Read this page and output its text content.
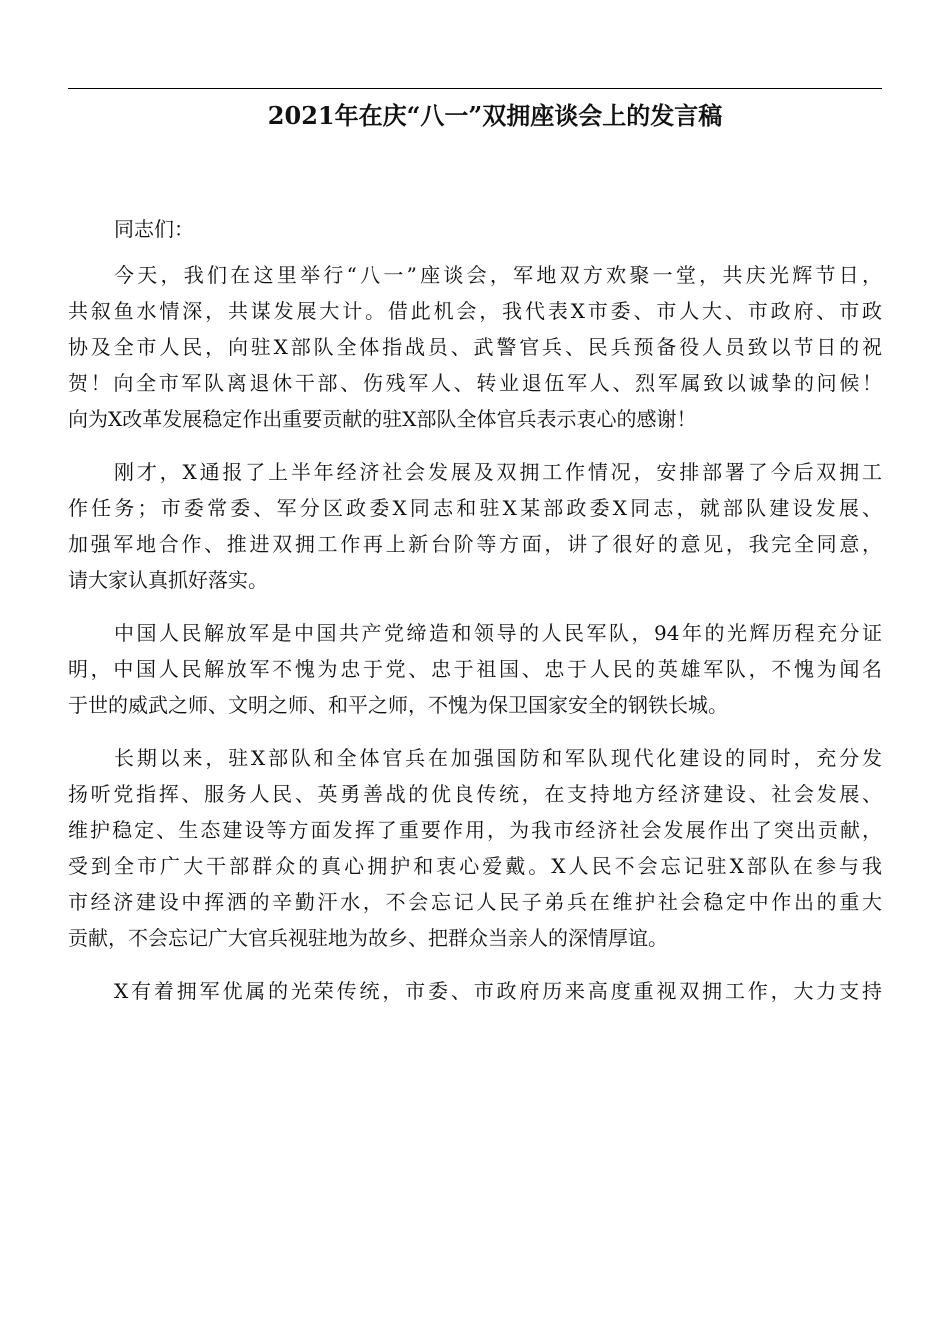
2021年在庆“八一”双拥座谈会上的发言稿
同志们：

今天，我们在这里举行“八一”座谈会，军地双方欢聚一堂，共庆光辉节日，
共叙鱼水情深，共谋发展大计。借此机会，我代表X市委、市人大、市政府、市政
协及全市人民，向驻X部队全体指战员、武警官兵、民兵预备役人员致以节日的祝
贺！向全市军队离退休干部、伤残军人、转业退伍军人、烈军属致以诚挚的问候！
向为X改革发展稳定作出重要贡献的驻X部队全体官兵表示衷心的感谢！

刚才，X通报了上半年经济社会发展及双拥工作情况，安排部署了今后双拥工
作任务；市委常委、军分区政委X同志和驻X某部政委X同志，就部队建设发展、
加强军地合作、推进双拥工作再上新台阶等方面，讲了很好的意见，我完全同意，
请大家认真抓好落实。

中国人民解放军是中国共产党缔造和领导的人民军队，94年的光辉历程充分证
明，中国人民解放军不愧为忠于党、忠于祖国、忠于人民的英雄军队，不愧为闻名
于世的威武之师、文明之师、和平之师，不愧为保卫国家安全的钢铁长城。

长期以来，驻X部队和全体官兵在加强国防和军队现代化建设的同时，充分发
扬听党指挥、服务人民、英勇善战的优良传统，在支持地方经济建设、社会发展、
维护稳定、生态建设等方面发挥了重要作用，为我市经济社会发展作出了突出贡献，
受到全市广大干部群众的真心拥护和衷心爱戴。X人民不会忘记驻X部队在参与我
市经济建设中挥洒的辛勤汗水，不会忘记人民子弟兵在维护社会稳定中作出的重大
贡献，不会忘记广大官兵视驻地为故乡、把群众当亲人的深情厚谊。

X有着拥军优属的光荣传统，市委、市政府历来高度重视双拥工作，大力支持
